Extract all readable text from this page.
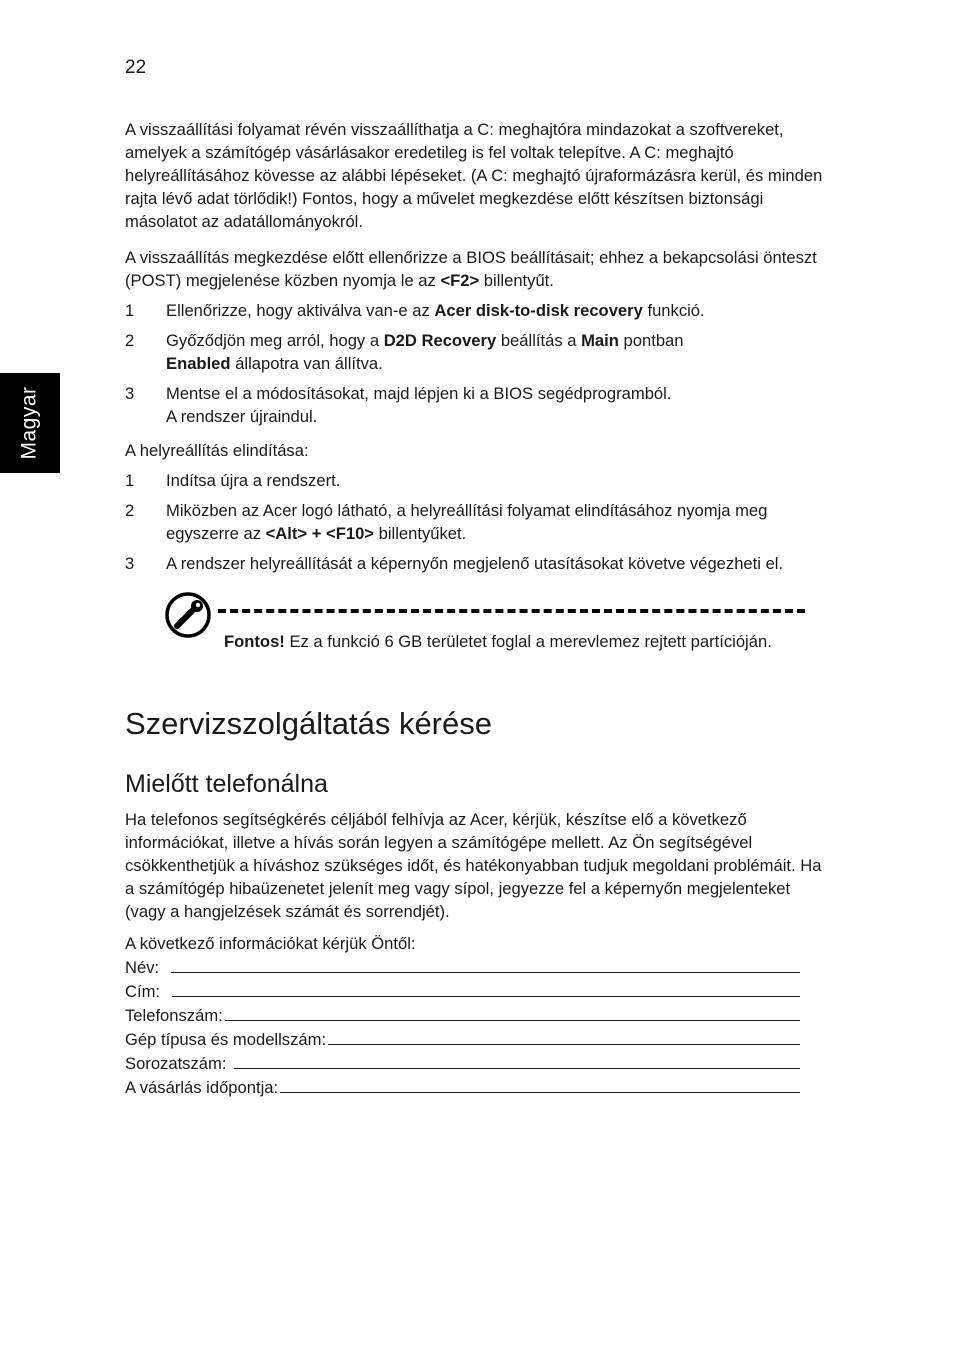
22
Magyar

A visszaállítási folyamat révén visszaállíthatja a C: meghajtóra mindazokat a szoftvereket, amelyek a számítógép vásárlásakor eredetileg is fel voltak telepítve. A C: meghajtó helyreállításához kövesse az alábbi lépéseket. (A C: meghajtó újraformázásra kerül, és minden rajta lévő adat törlődik!) Fontos, hogy a művelet megkezdése előtt készítsen biztonsági másolatot az adatállományokról.

A visszaállítás megkezdése előtt ellenőrizze a BIOS beállításait; ehhez a bekapcsolási önteszt (POST) megjelenése közben nyomja le az <F2> billentyűt.

1	Ellenőrizze, hogy aktiválva van-e az Acer disk-to-disk recovery funkció.
2	Győződjön meg arról, hogy a D2D Recovery beállítás a Main pontban
Enabled állapotra van állítva.
3	Mentse el a módosításokat, majd lépjen ki a BIOS segédprogramból.
A rendszer újraindul.

A helyreállítás elindítása:

1	Indítsa újra a rendszert.
2	Miközben az Acer logó látható, a helyreállítási folyamat elindításához nyomja meg egyszerre az <Alt> + <F10> billentyűket.
3	A rendszer helyreállítását a képernyőn megjelenő utasításokat követve végezheti el.

Fontos! Ez a funkció 6 GB területet foglal a merevlemez rejtett partícióján.

Szervizszolgáltatás kérése
Mielőtt telefonálna

Ha telefonos segítségkérés céljából felhívja az Acer, kérjük, készítse elő a következő információkat, illetve a hívás során legyen a számítógépe mellett. Az Ön segítségével csökkenthetjük a híváshoz szükséges időt, és hatékonyabban tudjuk megoldani problémáit. Ha a számítógép hibaüzenetet jelenít meg vagy sípol, jegyezze fel a képernyőn megjelenteket (vagy a hangjelzések számát és sorrendjét).

A következő információkat kérjük Öntől:

Név:
Cím:
Telefonszám:
Gép típusa és modellszám:
Sorozatszám:
A vásárlás időpontja:
